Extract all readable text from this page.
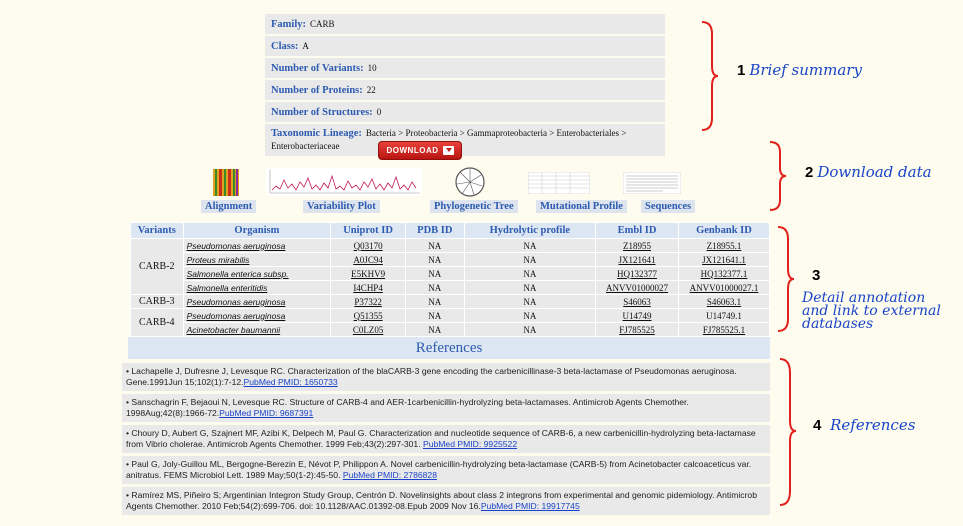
Family: CARB
Class: A
Number of Variants: 10
Number of Proteins: 22
Number of Structures: 0
Taxonomic Lineage: Bacteria > Proteobacteria > Gammaproteobacteria > Enterobacteriales > Enterobacteriaceae
1 Brief summary
DOWNLOAD
Alignment	Variability Plot	Phylogenetic Tree	Mutational Profile	Sequences
2 Download data
Variants	Organism	Uniprot ID	PDB ID	Hydrolytic profile	Embl ID	Genbank ID
CARB-2	Pseudomonas aeruginosa	Q03170	NA	NA	Z18955	Z18955.1
	Proteus mirabilis	A0JC94	NA	NA	JX121641	JX121641.1
	Salmonella enterica subsp.	E5KHV9	NA	NA	HQ132377	HQ132377.1
	Salmonella enteritidis	I4CHP4	NA	NA	ANVV01000027	ANVV01000027.1
CARB-3	Pseudomonas aeruginosa	P37322	NA	NA	S46063	S46063.1
CARB-4	Pseudomonas aeruginosa	Q51355	NA	NA	U14749	U14749.1
	Acinetobacter baumannii	C0LZ05	NA	NA	FJ785525	FJ785525.1
3
Detail annotation and link to external databases
References
• Lachapelle J, Dufresne J, Levesque RC. Characterization of the blaCARB-3 gene encoding the carbenicillinase-3 beta-lactamase of Pseudomonas aeruginosa. Gene.1991Jun 15;102(1):7-12.PubMed PMID: 1650733
• Sanschagrin F, Bejaoui N, Levesque RC. Structure of CARB-4 and AER-1carbenicillin-hydrolyzing beta-lactamases. Antimicrob Agents Chemother. 1998Aug;42(8):1966-72.PubMed PMID: 9687391
• Choury D, Aubert G, Szajnert MF, Azibi K, Delpech M, Paul G. Characterization and nucleotide sequence of CARB-6, a new carbenicillin-hydrolyzing beta-lactamase from Vibrio cholerae. Antimicrob Agents Chemother. 1999 Feb;43(2):297-301. PubMed PMID: 9925522
• Paul G, Joly-Guillou ML, Bergogne-Berezin E, Névot P, Philippon A. Novel carbenicillin-hydrolyzing beta-lactamase (CARB-5) from Acinetobacter calcoaceticus var. anitratus. FEMS Microbiol Lett. 1989 May;50(1-2):45-50. PubMed PMID: 2786828
• Ramírez MS, Piñeiro S; Argentinian Integron Study Group, Centrón D. Novelinsights about class 2 integrons from experimental and genomic pidemiology. Antimicrob Agents Chemother. 2010 Feb;54(2):699-706. doi: 10.1128/AAC.01392-08.Epub 2009 Nov 16.PubMed PMID: 19917745
4 References
